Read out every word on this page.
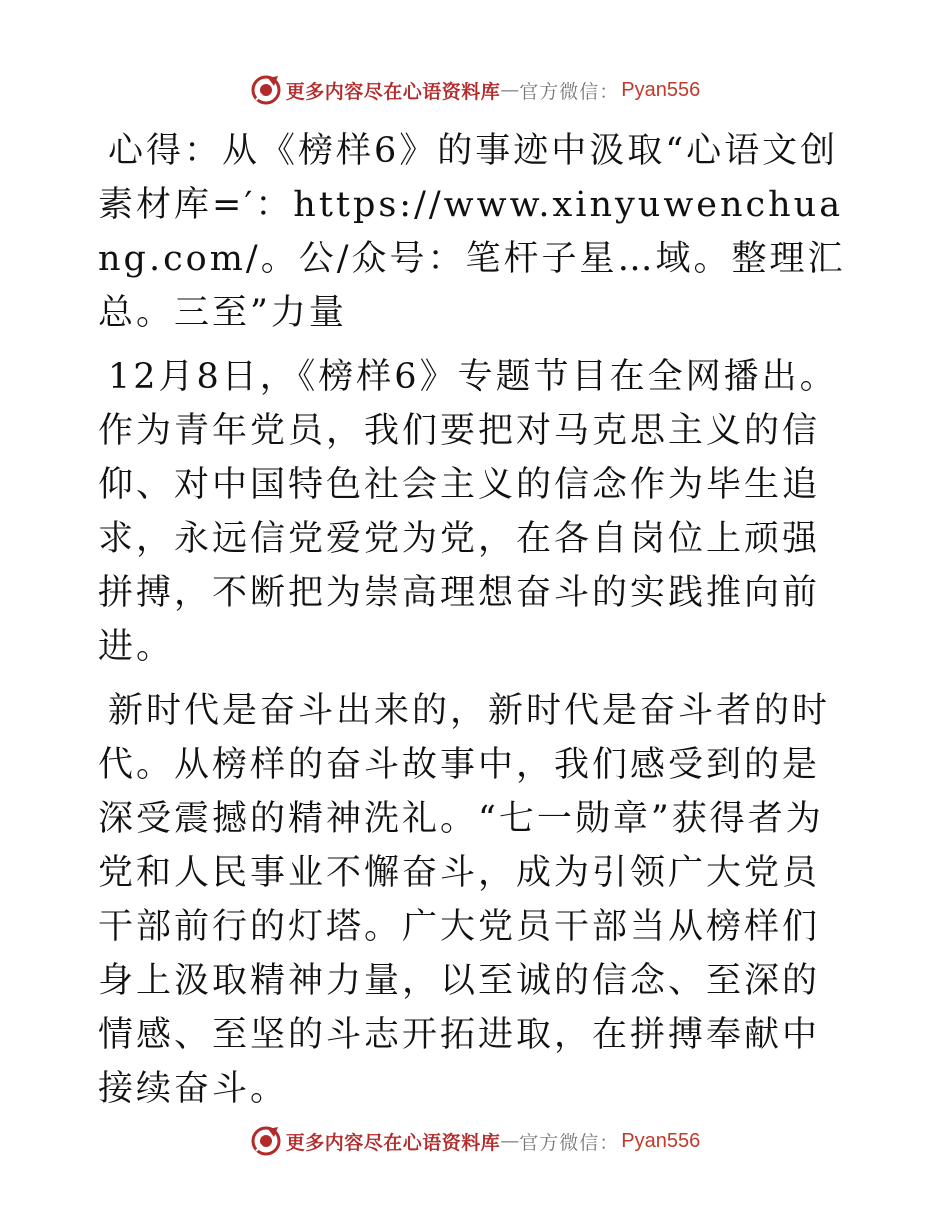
更多内容尽在心语资料库 — 官方微信： Pyan556

心得：从《榜样6》的事迹中汲取“心语文创素材库=′：https://www.xinyuwenchuang.com/。公/众号：笔杆子星…域。整理汇总。三至”力量

12月8日，《榜样6》专题节目在全网播出。作为青年党员，我们要把对马克思主义的信仰、对中国特色社会主义的信念作为毕生追求，永远信党爱党为党，在各自岗位上顽强拼搏，不断把为崇高理想奋斗的实践推向前进。

新时代是奋斗出来的，新时代是奋斗者的时代。从榜样的奋斗故事中，我们感受到的是深受震撼的精神洗礼。“七一勋章”获得者为党和人民事业不懈奋斗，成为引领广大党员干部前行的灯塔。广大党员干部当从榜样们身上汲取精神力量，以至诚的信念、至深的情感、至坚的斗志开拓进取，在拼搏奉献中接续奋斗。

更多内容尽在心语资料库 — 官方微信： Pyan556
